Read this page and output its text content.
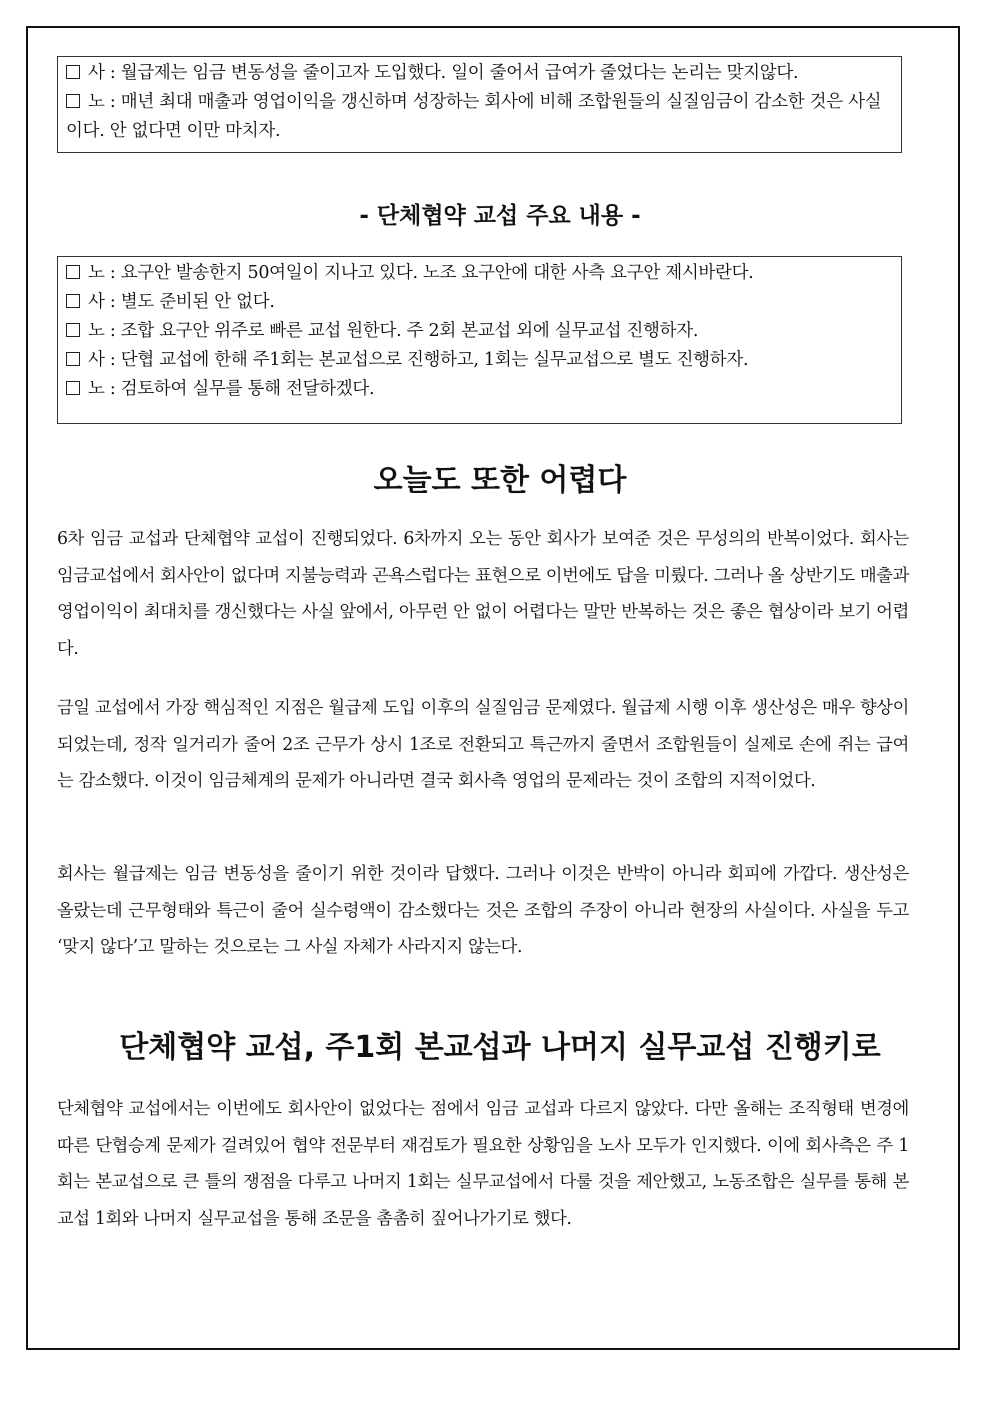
사 : 월급제는 임금 변동성을 줄이고자 도입했다. 일이 줄어서 급여가 줄었다는 논리는 맞지않다.
노 : 매년 최대 매출과 영업이익을 갱신하며 성장하는 회사에 비해 조합원들의 실질임금이 감소한 것은 사실이다. 안 없다면 이만 마치자.
- 단체협약 교섭 주요 내용 -
노 : 요구안 발송한지 50여일이 지나고 있다. 노조 요구안에 대한 사측 요구안 제시바란다.
사 : 별도 준비된 안 없다.
노 : 조합 요구안 위주로 빠른 교섭 원한다. 주 2회 본교섭 외에 실무교섭 진행하자.
사 : 단협 교섭에 한해 주1회는 본교섭으로 진행하고, 1회는 실무교섭으로 별도 진행하자.
노 : 검토하여 실무를 통해 전달하겠다.
오늘도 또한 어렵다
6차 임금 교섭과 단체협약 교섭이 진행되었다. 6차까지 오는 동안 회사가 보여준 것은 무성의의 반복이었다. 회사는 임금교섭에서 회사안이 없다며 지불능력과 곤욕스럽다는 표현으로 이번에도 답을 미뤘다. 그러나 올 상반기도 매출과 영업이익이 최대치를 갱신했다는 사실 앞에서, 아무런 안 없이 어렵다는 말만 반복하는 것은 좋은 협상이라 보기 어렵다.
금일 교섭에서 가장 핵심적인 지점은 월급제 도입 이후의 실질임금 문제였다. 월급제 시행 이후 생산성은 매우 향상이 되었는데, 정작 일거리가 줄어 2조 근무가 상시 1조로 전환되고 특근까지 줄면서 조합원들이 실제로 손에 쥐는 급여는 감소했다. 이것이 임금체계의 문제가 아니라면 결국 회사측 영업의 문제라는 것이 조합의 지적이었다.
회사는 월급제는 임금 변동성을 줄이기 위한 것이라 답했다. 그러나 이것은 반박이 아니라 회피에 가깝다. 생산성은 올랐는데 근무형태와 특근이 줄어 실수령액이 감소했다는 것은 조합의 주장이 아니라 현장의 사실이다. 사실을 두고 ‘맞지 않다’고 말하는 것으로는 그 사실 자체가 사라지지 않는다.
단체협약 교섭, 주1회 본교섭과 나머지 실무교섭 진행키로
단체협약 교섭에서는 이번에도 회사안이 없었다는 점에서 임금 교섭과 다르지 않았다. 다만 올해는 조직형태 변경에 따른 단협승계 문제가 걸려있어 협약 전문부터 재검토가 필요한 상황임을 노사 모두가 인지했다. 이에 회사측은 주 1회는 본교섭으로 큰 틀의 쟁점을 다루고 나머지 1회는 실무교섭에서 다룰 것을 제안했고, 노동조합은 실무를 통해 본교섭 1회와 나머지 실무교섭을 통해 조문을 촘촘히 짚어나가기로 했다.
